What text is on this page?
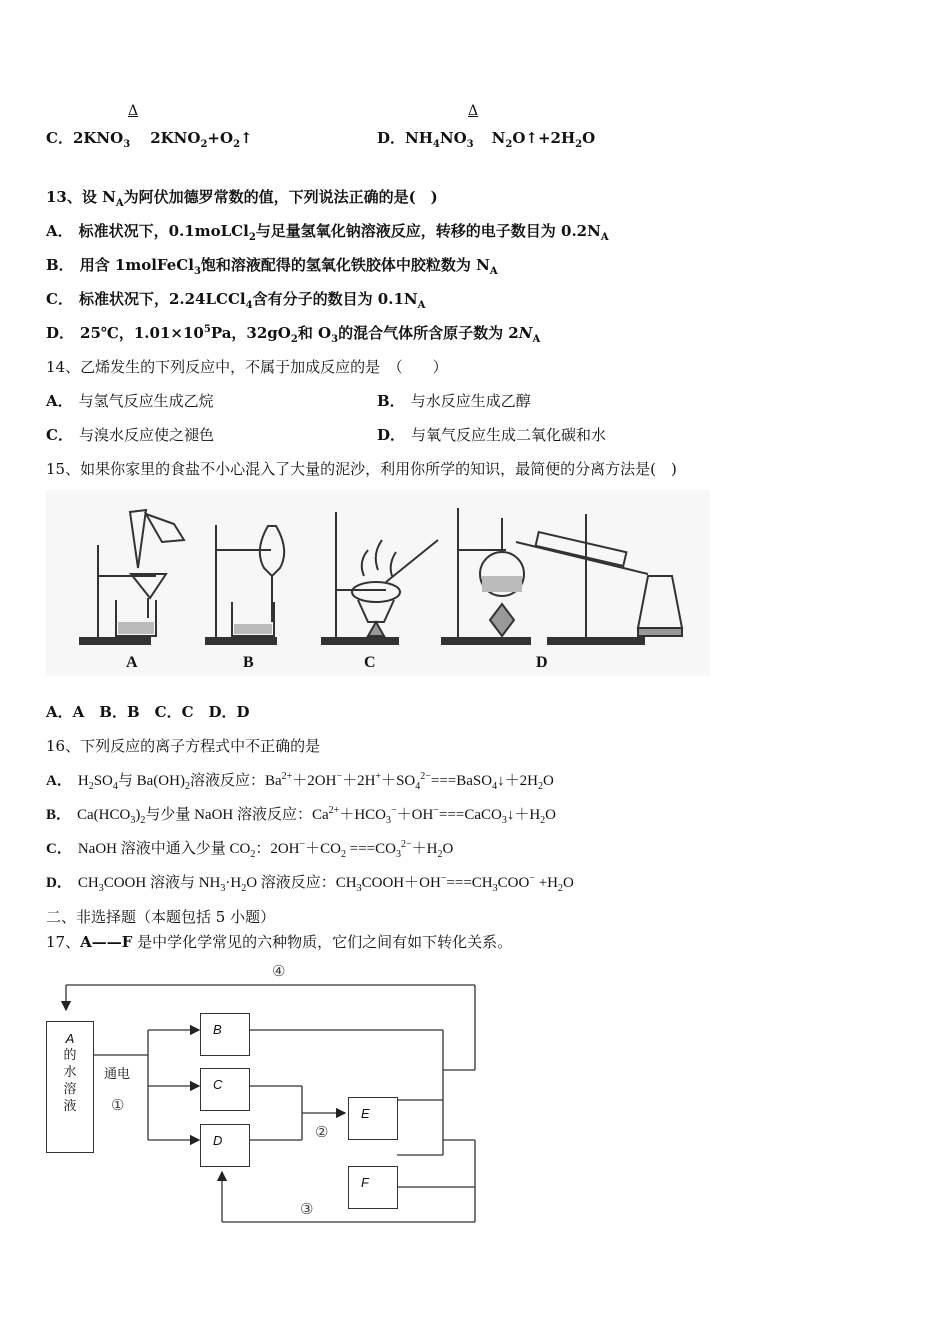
Δ
C．$2KNO_3$ $2KNO_2+O_2↑$
Δ
D．$NH_4NO_3$ $N_2O↑+2H_2O$
13、设 $N_A$为阿伏加德罗常数的值，下列说法正确的是(　)
A． 标准状况下，0.1moLCl$_2$与足量氢氧化钠溶液反应，转移的电子数目为 $0.2N_A$
B． 用含 1molFeCl$_3$饱和溶液配得的氢氧化铁胶体中胶粒数为 $N_A$
C． 标准状况下，2.24LCCl$_4$含有分子的数目为 $0.1N_A$
D． 25℃，$1.01\times 10^5Pa$，$32gO_2$和 $O_3$的混合气体所含原子数为 $2N_A$
14、乙烯发生的下列反应中，不属于加成反应的是　（　　）
A． 与氢气反应生成乙烷	B． 与水反应生成乙醇
C． 与溴水反应使之褪色	D． 与氧气反应生成二氧化碳和水
15、如果你家里的食盐不小心混入了大量的泥沙，利用你所学的知识，最简便的分离方法是(　)
A	B	C	D
A．A　B．B　C．C　D．D
16、下列反应的离子方程式中不正确的是
A． $H_2SO_4$与 $Ba(OH)_2$溶液反应：$Ba^{2+}+2OH^-+2H^++SO_4^{2-}===BaSO_4↓+2H_2O$
B． $Ca(HCO_3)_2$与少量 NaOH 溶液反应：$Ca^{2+}+HCO_3^-+OH^-===CaCO_3↓+H_2O$
C． NaOH 溶液中通入少量 $CO_2$：$2OH^-+CO_2 ===CO_3^{2-}+H_2O$
D． $CH_3COOH$ 溶液与 $NH_3\cdot H_2O$ 溶液反应：$CH_3COOH+OH^-===CH_3COO^- +H_2O$
二、非选择题（本题包括 5 小题）
17、A——F 是中学化学常见的六种物质，它们之间有如下转化关系。
A
的
水
溶
液
通电
①
④
②
③
B
C
D
E
F
